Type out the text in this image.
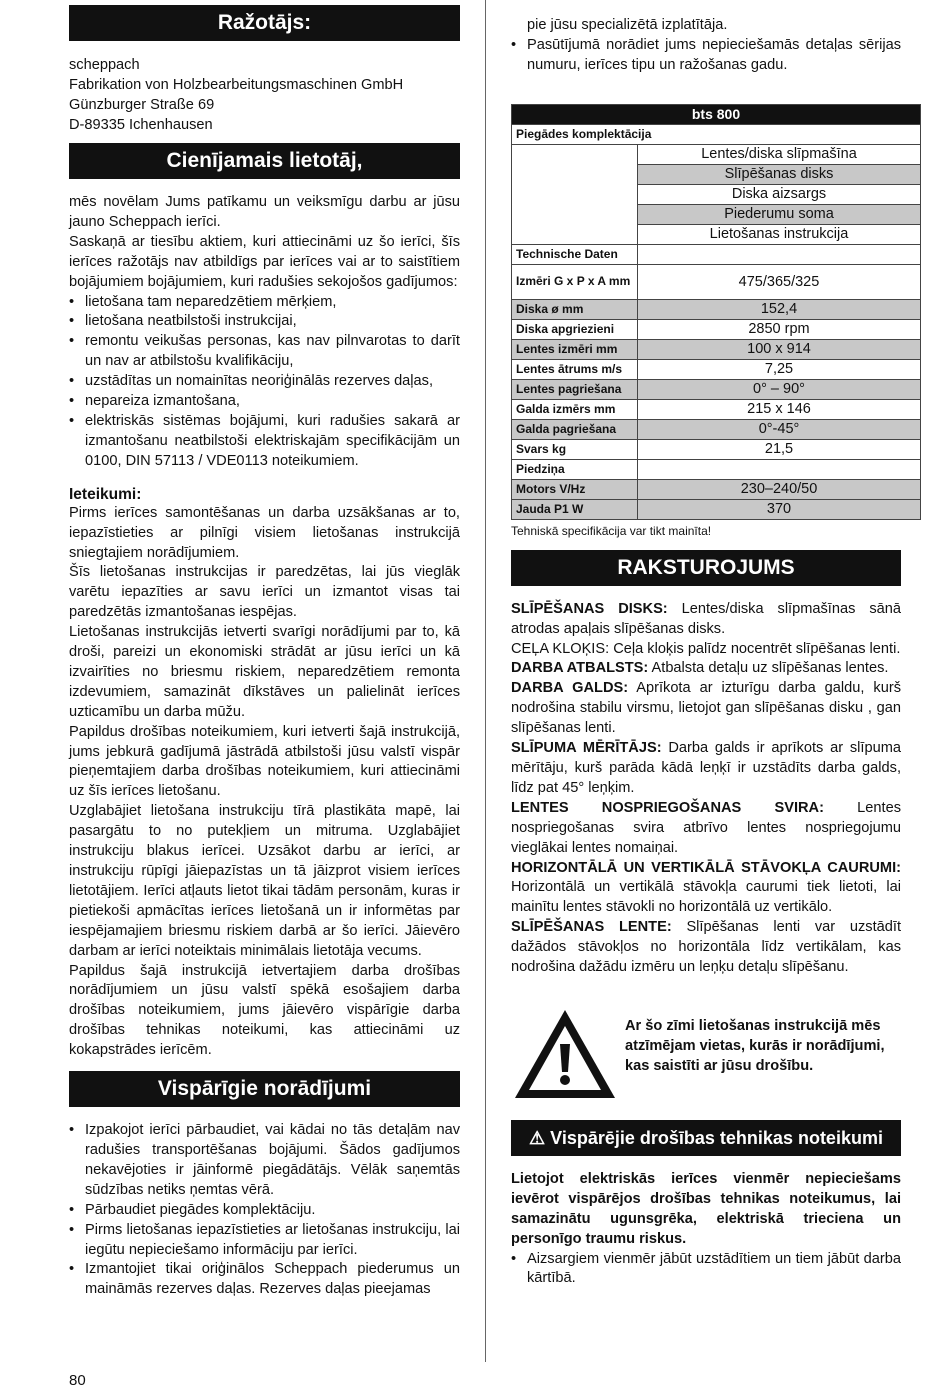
Ražotājs:
scheppach
Fabrikation von Holzbearbeitungsmaschinen GmbH
Günzburger Straße 69
D-89335 Ichenhausen
Cienījamais lietotāj,

mēs novēlam Jums patīkamu un veiksmīgu darbu ar jūsu jauno Scheppach ierīci.

Saskaņā ar tiesību aktiem, kuri attiecināmi uz šo ierīci, šīs ierīces ražotājs nav atbildīgs par ierīces vai ar to saistītiem bojājumiem bojājumiem, kuri radušies sekojošos gadījumos:

• lietošana tam neparedzētiem mērķiem,
• lietošana neatbilstoši instrukcijai,
• remontu veikušas personas, kas nav pilnvarotas to darīt un nav ar atbilstošu kvalifikāciju,
• uzstādītas un nomainītas neoriģinālās rezerves daļas,
• nepareiza izmantošana,
• elektriskās sistēmas bojājumi, kuri radušies sakarā ar izmantošanu neatbilstoši elektriskajām specifikācijām un 0100, DIN 57113 / VDE0113 noteikumiem.
Ieteikumi:

Pirms ierīces samontēšanas un darba uzsākšanas ar to, iepazīstieties ar pilnīgi visiem lietošanas instrukcijā sniegtajiem norādījumiem.

Šīs lietošanas instrukcijas ir paredzētas, lai jūs vieglāk varētu iepazīties ar savu ierīci un izmantot visas tai paredzētās izmantošanas iespējas.

Lietošanas instrukcijās ietverti svarīgi norādījumi par to, kā droši, pareizi un ekonomiski strādāt ar jūsu ierīci un kā izvairīties no briesmu riskiem, neparedzētiem remonta izdevumiem, samazināt dīkstāves un palielināt ierīces uzticamību un darba mūžu.

Papildus drošības noteikumiem, kuri ietverti šajā instrukcijā, jums jebkurā gadījumā jāstrādā atbilstoši jūsu valstī vispār pieņemtajiem darba drošības noteikumiem, kuri attiecināmi uz šīs ierīces lietošanu.

Uzglabājiet lietošana instrukciju tīrā plastikāta mapē, lai pasargātu to no putekļiem un mitruma. Uzglabājiet instrukciju blakus ierīcei. Uzsākot darbu ar ierīci, ar instrukciju rūpīgi jāiepazīstas un tā jāizprot visiem ierīces lietotājiem. Ierīci atļauts lietot tikai tādām personām, kuras ir pietiekoši apmācītas ierīces lietošanā un ir informētas par iespējamajiem briesmu riskiem darbā ar šo ierīci. Jāievēro darbam ar ierīci noteiktais minimālais lietotāja vecums.

Papildus šajā instrukcijā ietvertajiem darba drošības norādījumiem un jūsu valstī spēkā esošajiem darba drošības noteikumiem, jums jāievēro vispārīgie darba drošības tehnikas noteikumi, kas attiecināmi uz kokapstrādes ierīcēm.

Vispārīgie norādījumi
• Izpakojot ierīci pārbaudiet, vai kādai no tās detaļām nav radušies transportēšanas bojājumi. Šādos gadījumos nekavējoties ir jāinformē piegādātājs. Vēlāk saņemtās sūdzības netiks ņemtas vērā.
• Pārbaudiet piegādes komplektāciju.
• Pirms lietošanas iepazīstieties ar lietošanas instrukciju, lai iegūtu nepieciešamo informāciju par ierīci.
• Izmantojiet tikai oriģinālos Scheppach piederumus un maināmās rezerves daļas. Rezerves daļas pieejamas
pie jūsu specializētā izplatītāja.
• Pasūtījumā norādiet jums nepieciešamās detaļas sērijas numuru, ierīces tipu un ražošanas gadu.
bts 800	
Piegādes komplektācija	
	Lentes/diska slīpmašīna
	Slīpēšanas disks
	Diska aizsargs
	Piederumu soma
	Lietošanas instrukcija
Technische Daten	
Izmēri G x P x A mm	475/365/325
Diska ø mm	152,4
Diska apgriezieni	2850 rpm
Lentes izmēri mm	100 x 914
Lentes ātrums m/s	7,25
Lentes pagriešana	0° – 90°
Galda izmērs mm	215 x 146
Galda pagriešana	0°-45°
Svars kg	21,5
Piedziņa	
Motors V/Hz	230–240/50
Jauda P1 W	370
Tehniskā specifikācija var tikt mainīta!
RAKSTUROJUMS

SLĪPĒŠANAS DISKS: Lentes/diska slīpmašīnas sānā atrodas apaļais slīpēšanas disks.

CEĻA KLOĶIS: Ceļa kloķis palīdz nocentrēt slīpēšanas lenti.

DARBA ATBALSTS: Atbalsta detaļu uz slīpēšanas lentes.

DARBA GALDS: Aprīkota ar izturīgu darba galdu, kurš nodrošina stabilu virsmu, lietojot gan slīpēšanas disku , gan slīpēšanas lenti.

SLĪPUMA MĒRĪTĀJS: Darba galds ir aprīkots ar slīpuma mērītāju, kurš parāda kādā leņķī ir uzstādīts darba galds, līdz pat 45° leņķim.

LENTES NOSPRIEGOŠANAS SVIRA: Lentes nospriegošanas svira atbrīvo lentes nospriegojumu vieglākai lentes nomaiņai.

HORIZONTĀLĀ UN VERTIKĀLĀ STĀVOKĻA CAURUMI: Horizontālā un vertikālā stāvokļa caurumi tiek lietoti, lai mainītu lentes stāvokli no horizontālā uz vertikālo.

SLĪPĒŠANAS LENTE: Slīpēšanas lenti var uzstādīt dažādos stāvokļos no horizontāla līdz vertikālam, kas nodrošina dažādu izmēru un leņķu detaļu slīpēšanu.

Ar šo zīmi lietošanas instrukcijā mēs atzīmējam vietas, kurās ir norādījumi, kas saistīti ar jūsu drošību.
⚠ Vispārējie drošības tehnikas noteikumi
Lietojot elektriskās ierīces vienmēr nepieciešams ievērot vispārējos drošības tehnikas noteikumus, lai samazinātu ugunsgrēka, elektriskā trieciena un personīgo traumu riskus.
• Aizsargiem vienmēr jābūt uzstādītiem un tiem jābūt darba kārtībā.
80
